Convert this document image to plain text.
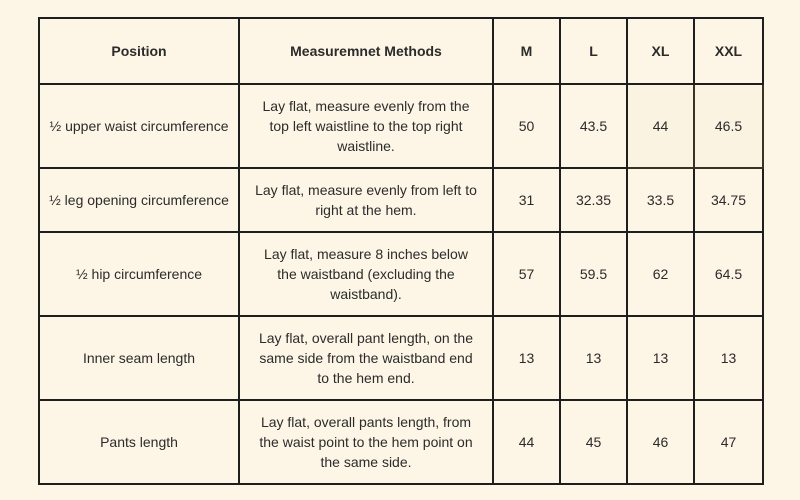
Position	Measuremnet Methods	M	L	XL	XXL
½ upper waist circumference	Lay flat, measure evenly from the top left waistline to the top right waistline.	50	43.5	44	46.5
½ leg opening circumference	Lay flat, measure evenly from left to right at the hem.	31	32.35	33.5	34.75
½ hip circumference	Lay flat, measure 8 inches below the waistband (excluding the waistband).	57	59.5	62	64.5
Inner seam length	Lay flat, overall pant length, on the same side from the waistband end to the hem end.	13	13	13	13
Pants length	Lay flat, overall pants length, from the waist point to the hem point on the same side.	44	45	46	47
